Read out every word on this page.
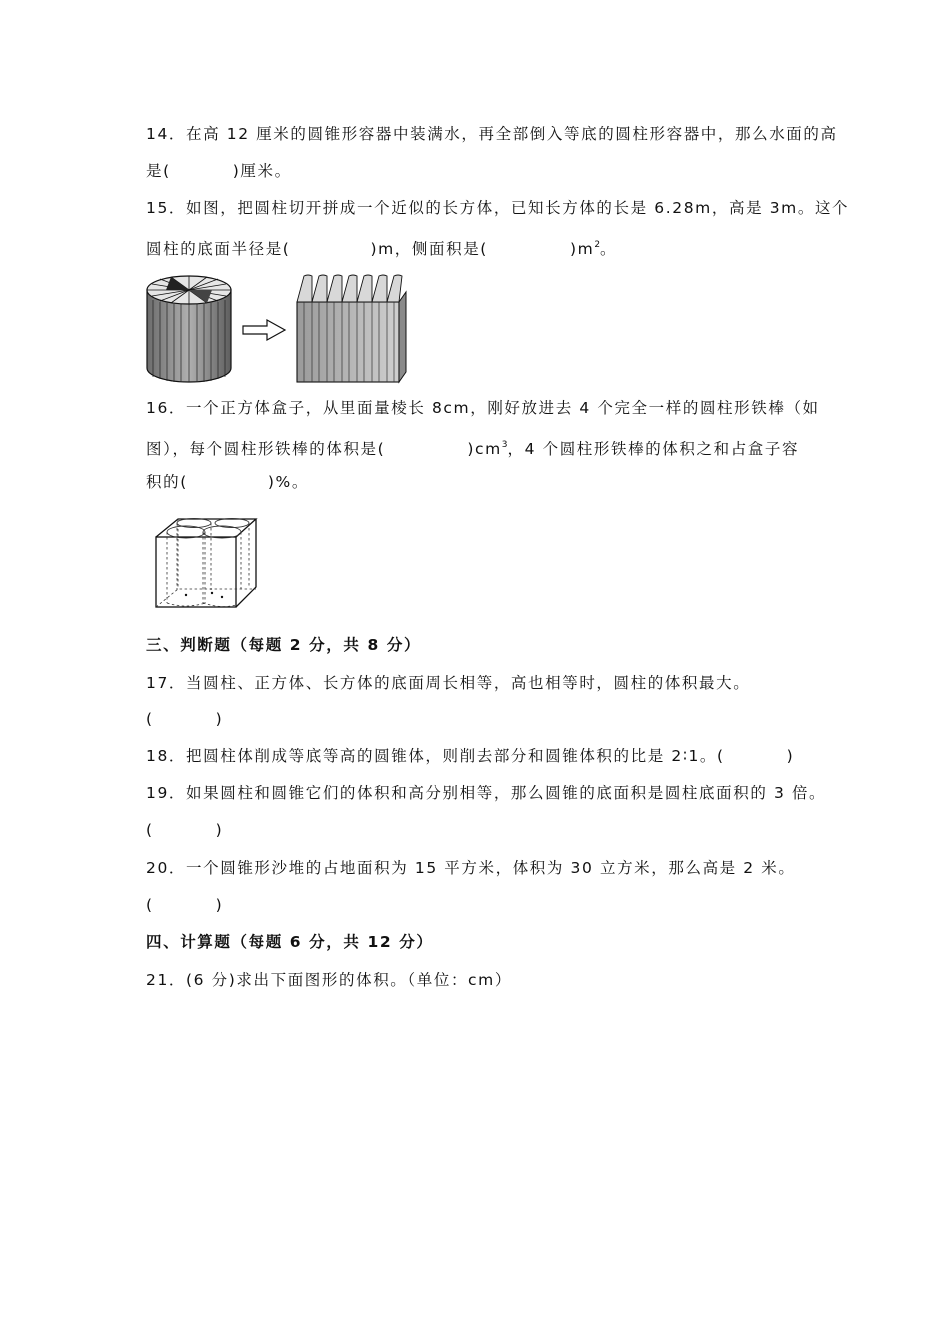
14．在高 12 厘米的圆锥形容器中装满水，再全部倒入等底的圆柱形容器中，那么水面的高
是(	)厘米。
15．如图，把圆柱切开拼成一个近似的长方体，已知长方体的长是 6.28m，高是 3m。这个
圆柱的底面半径是(	)m，侧面积是(	)$m^2$。
16．一个正方体盒子，从里面量棱长 8cm，刚好放进去 4 个完全一样的圆柱形铁棒（如
图），每个圆柱形铁棒的体积是(	)$cm^3$，4 个圆柱形铁棒的体积之和占盒子容
积的(	)%。
三、判断题（每题 2 分，共 8 分）
17．当圆柱、正方体、长方体的底面周长相等，高也相等时，圆柱的体积最大。
(	)
18．把圆柱体削成等底等高的圆锥体，则削去部分和圆锥体积的比是 2∶1。(	)
19．如果圆柱和圆锥它们的体积和高分别相等，那么圆锥的底面积是圆柱底面积的 3 倍。
(	)
20．一个圆锥形沙堆的占地面积为 15 平方米，体积为 30 立方米，那么高是 2 米。
(	)
四、计算题（每题 6 分，共 12 分）
21．(6 分)求出下面图形的体积。（单位：cm）
